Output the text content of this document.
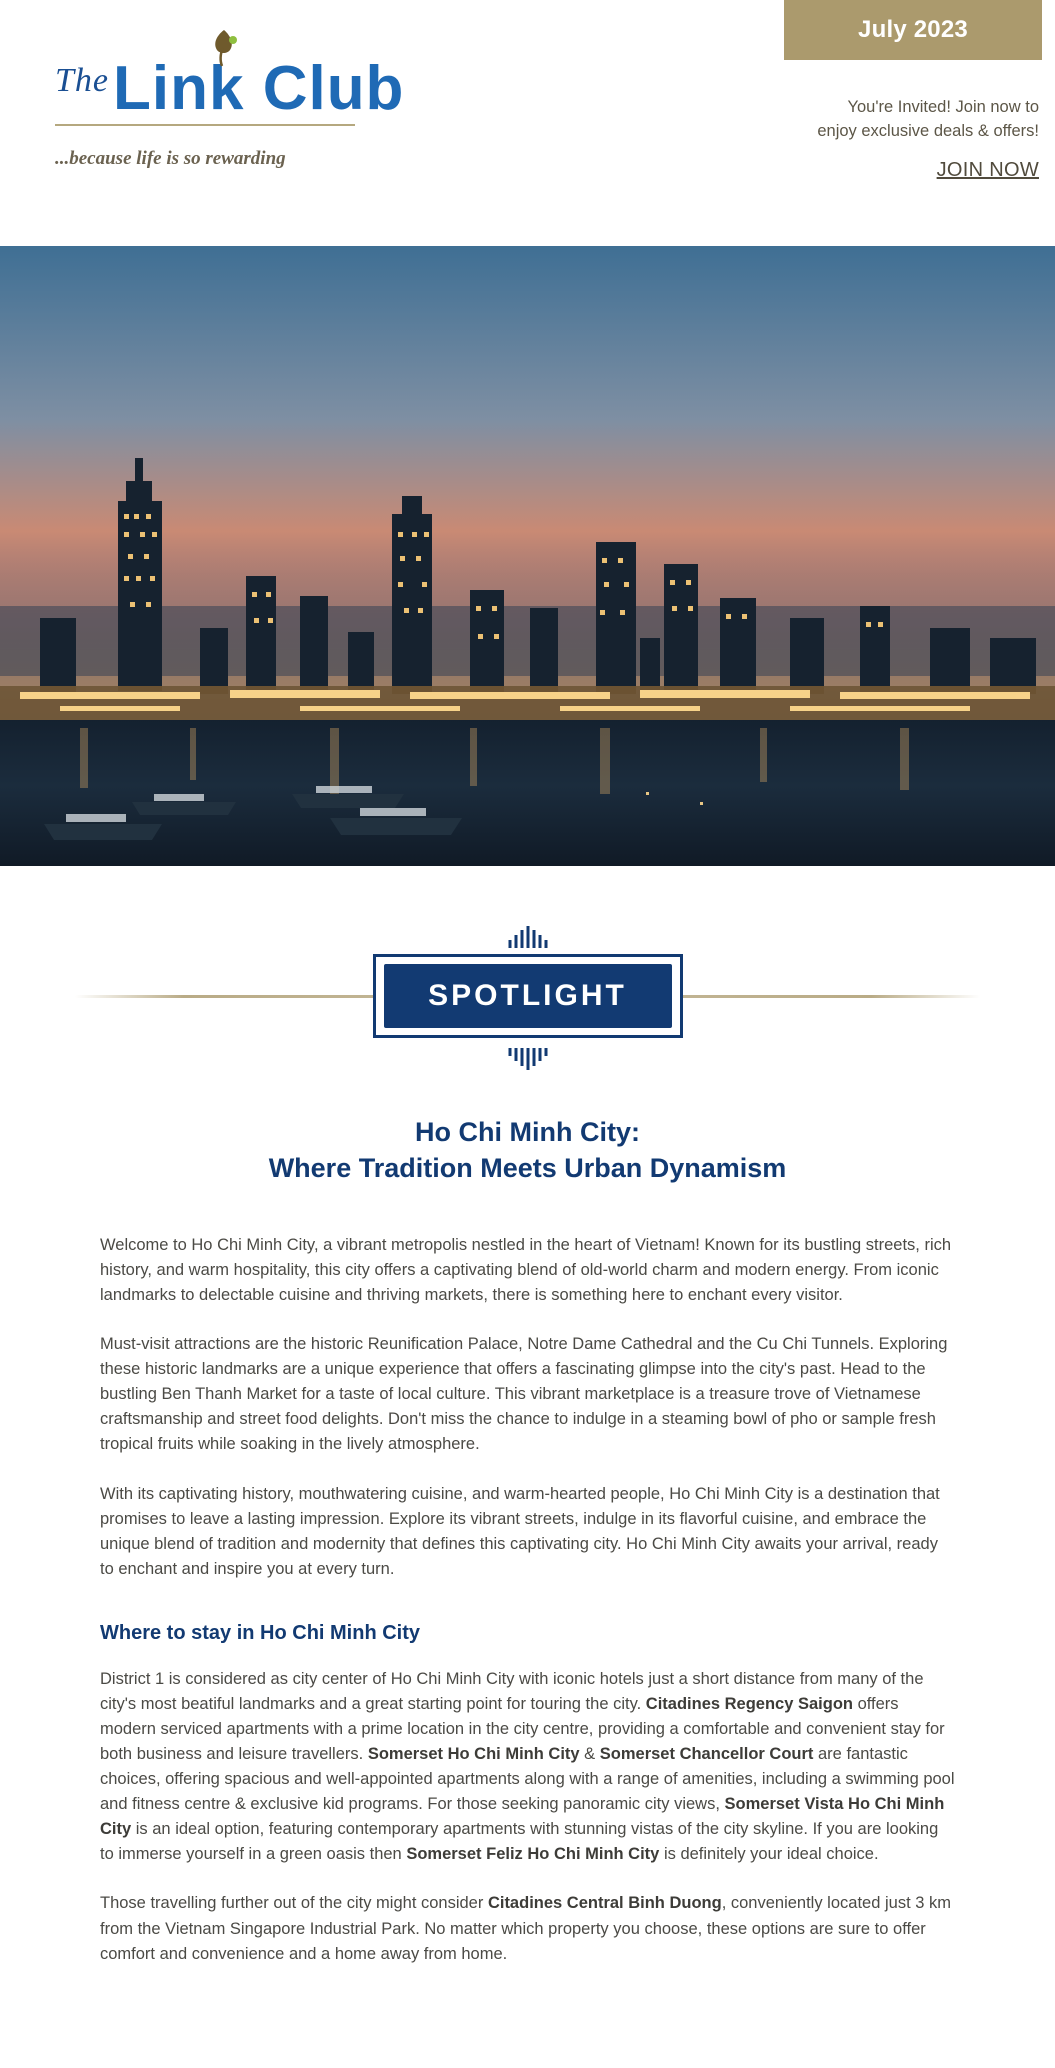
July 2023
$^{The}$Link Club
...because life is so rewarding
You're Invited! Join now to
enjoy exclusive deals & offers!
JOIN NOW
SPOTLIGHT
Ho Chi Minh City:
Where Tradition Meets Urban Dynamism

Welcome to Ho Chi Minh City, a vibrant metropolis nestled in the heart of Vietnam! Known for its bustling streets, rich history, and warm hospitality, this city offers a captivating blend of old-world charm and modern energy. From iconic landmarks to delectable cuisine and thriving markets, there is something here to enchant every visitor.

Must-visit attractions are the historic Reunification Palace, Notre Dame Cathedral and the Cu Chi Tunnels. Exploring these historic landmarks are a unique experience that offers a fascinating glimpse into the city's past. Head to the bustling Ben Thanh Market for a taste of local culture. This vibrant marketplace is a treasure trove of Vietnamese craftsmanship and street food delights. Don't miss the chance to indulge in a steaming bowl of pho or sample fresh tropical fruits while soaking in the lively atmosphere.

With its captivating history, mouthwatering cuisine, and warm-hearted people, Ho Chi Minh City is a destination that promises to leave a lasting impression. Explore its vibrant streets, indulge in its flavorful cuisine, and embrace the unique blend of tradition and modernity that defines this captivating city. Ho Chi Minh City awaits your arrival, ready to enchant and inspire you at every turn.

Where to stay in Ho Chi Minh City

District 1 is considered as city center of Ho Chi Minh City with iconic hotels just a short distance from many of the city's most beatiful landmarks and a great starting point for touring the city. Citadines Regency Saigon offers modern serviced apartments with a prime location in the city centre, providing a comfortable and convenient stay for both business and leisure travellers. Somerset Ho Chi Minh City & Somerset Chancellor Court are fantastic choices, offering spacious and well-appointed apartments along with a range of amenities, including a swimming pool and fitness centre & exclusive kid programs. For those seeking panoramic city views, Somerset Vista Ho Chi Minh City is an ideal option, featuring contemporary apartments with stunning vistas of the city skyline. If you are looking to immerse yourself in a green oasis then Somerset Feliz Ho Chi Minh City is definitely your ideal choice.

Those travelling further out of the city might consider Citadines Central Binh Duong, conveniently located just 3 km from the Vietnam Singapore Industrial Park. No matter which property you choose, these options are sure to offer comfort and convenience and a home away from home.
